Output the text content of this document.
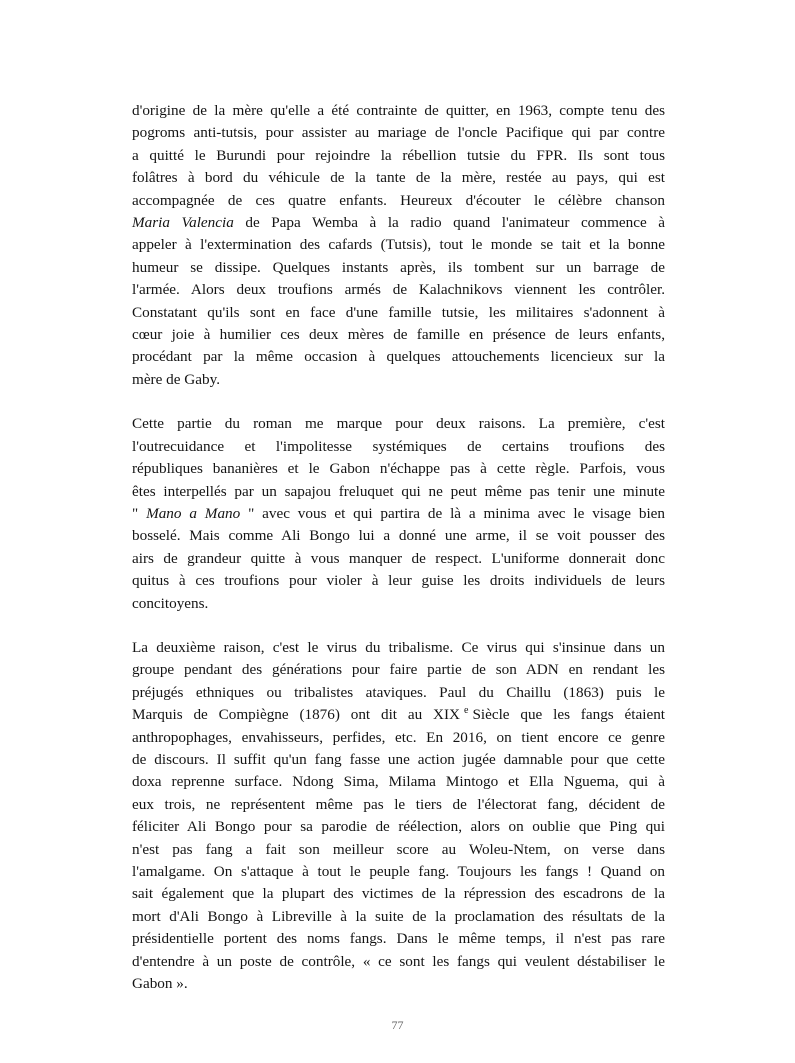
d'origine de la mère qu'elle a été contrainte de quitter, en 1963, compte tenu des
pogroms anti-tutsis, pour assister au mariage de l'oncle Pacifique qui par contre
a quitté le Burundi pour rejoindre la rébellion tutsie du FPR. Ils sont tous
folâtres à bord du véhicule de la tante de la mère, restée au pays, qui est
accompagnée de ces quatre enfants. Heureux d'écouter le célèbre chanson
Maria Valencia de Papa Wemba à la radio quand l'animateur commence à
appeler à l'extermination des cafards (Tutsis), tout le monde se tait et la bonne
humeur se dissipe. Quelques instants après, ils tombent sur un barrage de
l'armée. Alors deux troufions armés de Kalachnikovs viennent les contrôler.
Constatant qu'ils sont en face d'une famille tutsie, les militaires s'adonnent à
cœur joie à humilier ces deux mères de famille en présence de leurs enfants,
procédant par la même occasion à quelques attouchements licencieux sur la
mère de Gaby.
Cette partie du roman me marque pour deux raisons. La première, c'est
l'outrecuidance et l'impolitesse systémiques de certains troufions des
républiques bananières et le Gabon n'échappe pas à cette règle. Parfois, vous
êtes interpellés par un sapajou freluquet qui ne peut même pas tenir une minute
" Mano a Mano " avec vous et qui partira de là a minima avec le visage bien
bosselé. Mais comme Ali Bongo lui a donné une arme, il se voit pousser des
airs de grandeur quitte à vous manquer de respect. L'uniforme donnerait donc
quitus à ces troufions pour violer à leur guise les droits individuels de leurs
concitoyens.
La deuxième raison, c'est le virus du tribalisme. Ce virus qui s'insinue dans un
groupe pendant des générations pour faire partie de son ADN en rendant les
préjugés ethniques ou tribalistes ataviques. Paul du Chaillu (1863) puis le
Marquis de Compiègne (1876) ont dit au XIX $^e$ Siècle que les fangs étaient
anthropophages, envahisseurs, perfides, etc. En 2016, on tient encore ce genre
de discours. Il suffit qu'un fang fasse une action jugée damnable pour que cette
doxa reprenne surface. Ndong Sima, Milama Mintogo et Ella Nguema, qui à
eux trois, ne représentent même pas le tiers de l'électorat fang, décident de
féliciter Ali Bongo pour sa parodie de réélection, alors on oublie que Ping qui
n'est pas fang a fait son meilleur score au Woleu-Ntem, on verse dans
l'amalgame. On s'attaque à tout le peuple fang. Toujours les fangs ! Quand on
sait également que la plupart des victimes de la répression des escadrons de la
mort d'Ali Bongo à Libreville à la suite de la proclamation des résultats de la
présidentielle portent des noms fangs. Dans le même temps, il n'est pas rare
d'entendre à un poste de contrôle, « ce sont les fangs qui veulent déstabiliser le
Gabon ».
77
